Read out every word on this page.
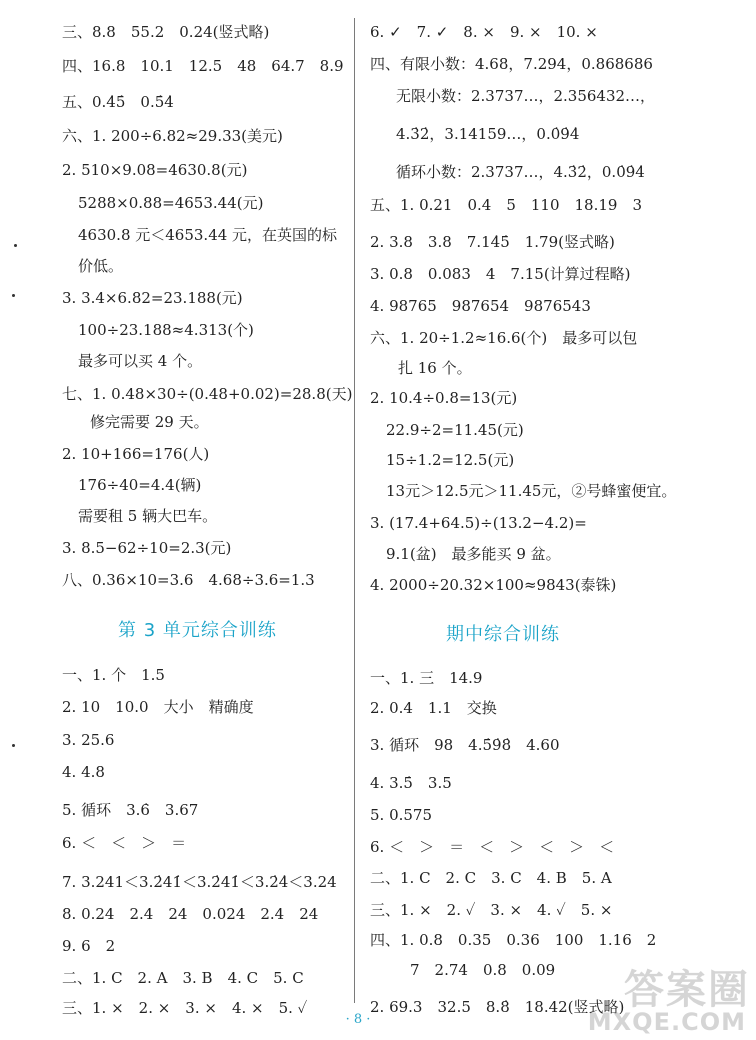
三、8.8　55.2　0.24(竖式略)
四、16.8　10.1　12.5　48　64.7　8.9
五、0.4̇5̇　0.5̇4̇
六、1. 200÷6.82≈29.33(美元)
2. 510×9.08=4630.8(元)
5288×0.88=4653.44(元)
4630.8 元＜4653.44 元，在英国的标
价低。
3. 3.4×6.82=23.188(元)
100÷23.188≈4.313(个)
最多可以买 4 个。
七、1. 0.48×30÷(0.48+0.02)=28.8(天)
修完需要 29 天。
2. 10+166=176(人)
176÷40=4.4(辆)
需要租 5 辆大巴车。
3. 8.5−62÷10=2.3(元)
八、0.36×10=3.6　4.68÷3.6=1.3
第 3 单元综合训练
一、1. 个　1.5
2. 10　10.0　大小　精确度
3. 25.6
4. 4.8
5. 循环　3.6̇　3.67
6. ＜　＜　＞　＝
7. 3.241＜3.2̇41̇＜3.2̇41̇＜3.2̇4̇＜3.24
8. 0.24　2.4　24　0.024　2.4　24
9. 6　2
二、1. C　2. A　3. B　4. C　5. C
三、1. ×　2. ×　3. ×　4. ×　5. ✓
6. ✓　7. ✓　8. ×　9. ×　10. ×
四、有限小数：4.68，7.294，0.868686
无限小数：2.3737…，2.356432…，
4.3̇2̇，3.14159…，0.0̇9̇4̇
循环小数：2.3737…，4.3̇2̇，0.0̇9̇4̇
五、1. 0.21　0.4　5　110　18.19　3
2. 3.8　3.8　7.14̇5̇　1.79(竖式略)
3. 0.8　0.083　4　7.15(计算过程略)
4. 98765　987654　9876543
六、1. 20÷1.2≈16.6(个)　最多可以包
扎 16 个。
2. 10.4÷0.8=13(元)
22.9÷2=11.45(元)
15÷1.2=12.5(元)
13元＞12.5元＞11.45元，②号蜂蜜便宜。
3. (17.4+64.5)÷(13.2−4.2)=
9.1(盆)　最多能买 9 盆。
4. 2000÷20.32×100≈9843(泰铢)
期中综合训练
一、1. 三　14.9
2. 0.4　1.1　交换
3. 循环　98　4.5̇9̇8̇　4.60
4. 3.5̇　3.5
5. 0.575
6. ＜　＞　＝　＜　＞　＜　＞　＜
二、1. C　2. C　3. C　4. B　5. A
三、1. ×　2. ✓　3. ×　4. ✓　5. ×
四、1. 0.8　0.35　0.36　100　1.16　2
7　2.74　0.8　0.09
2. 69.3　32.5　8.8̇　18.42(竖式略) 答案圈
MXQE.COM
· 8 ·
